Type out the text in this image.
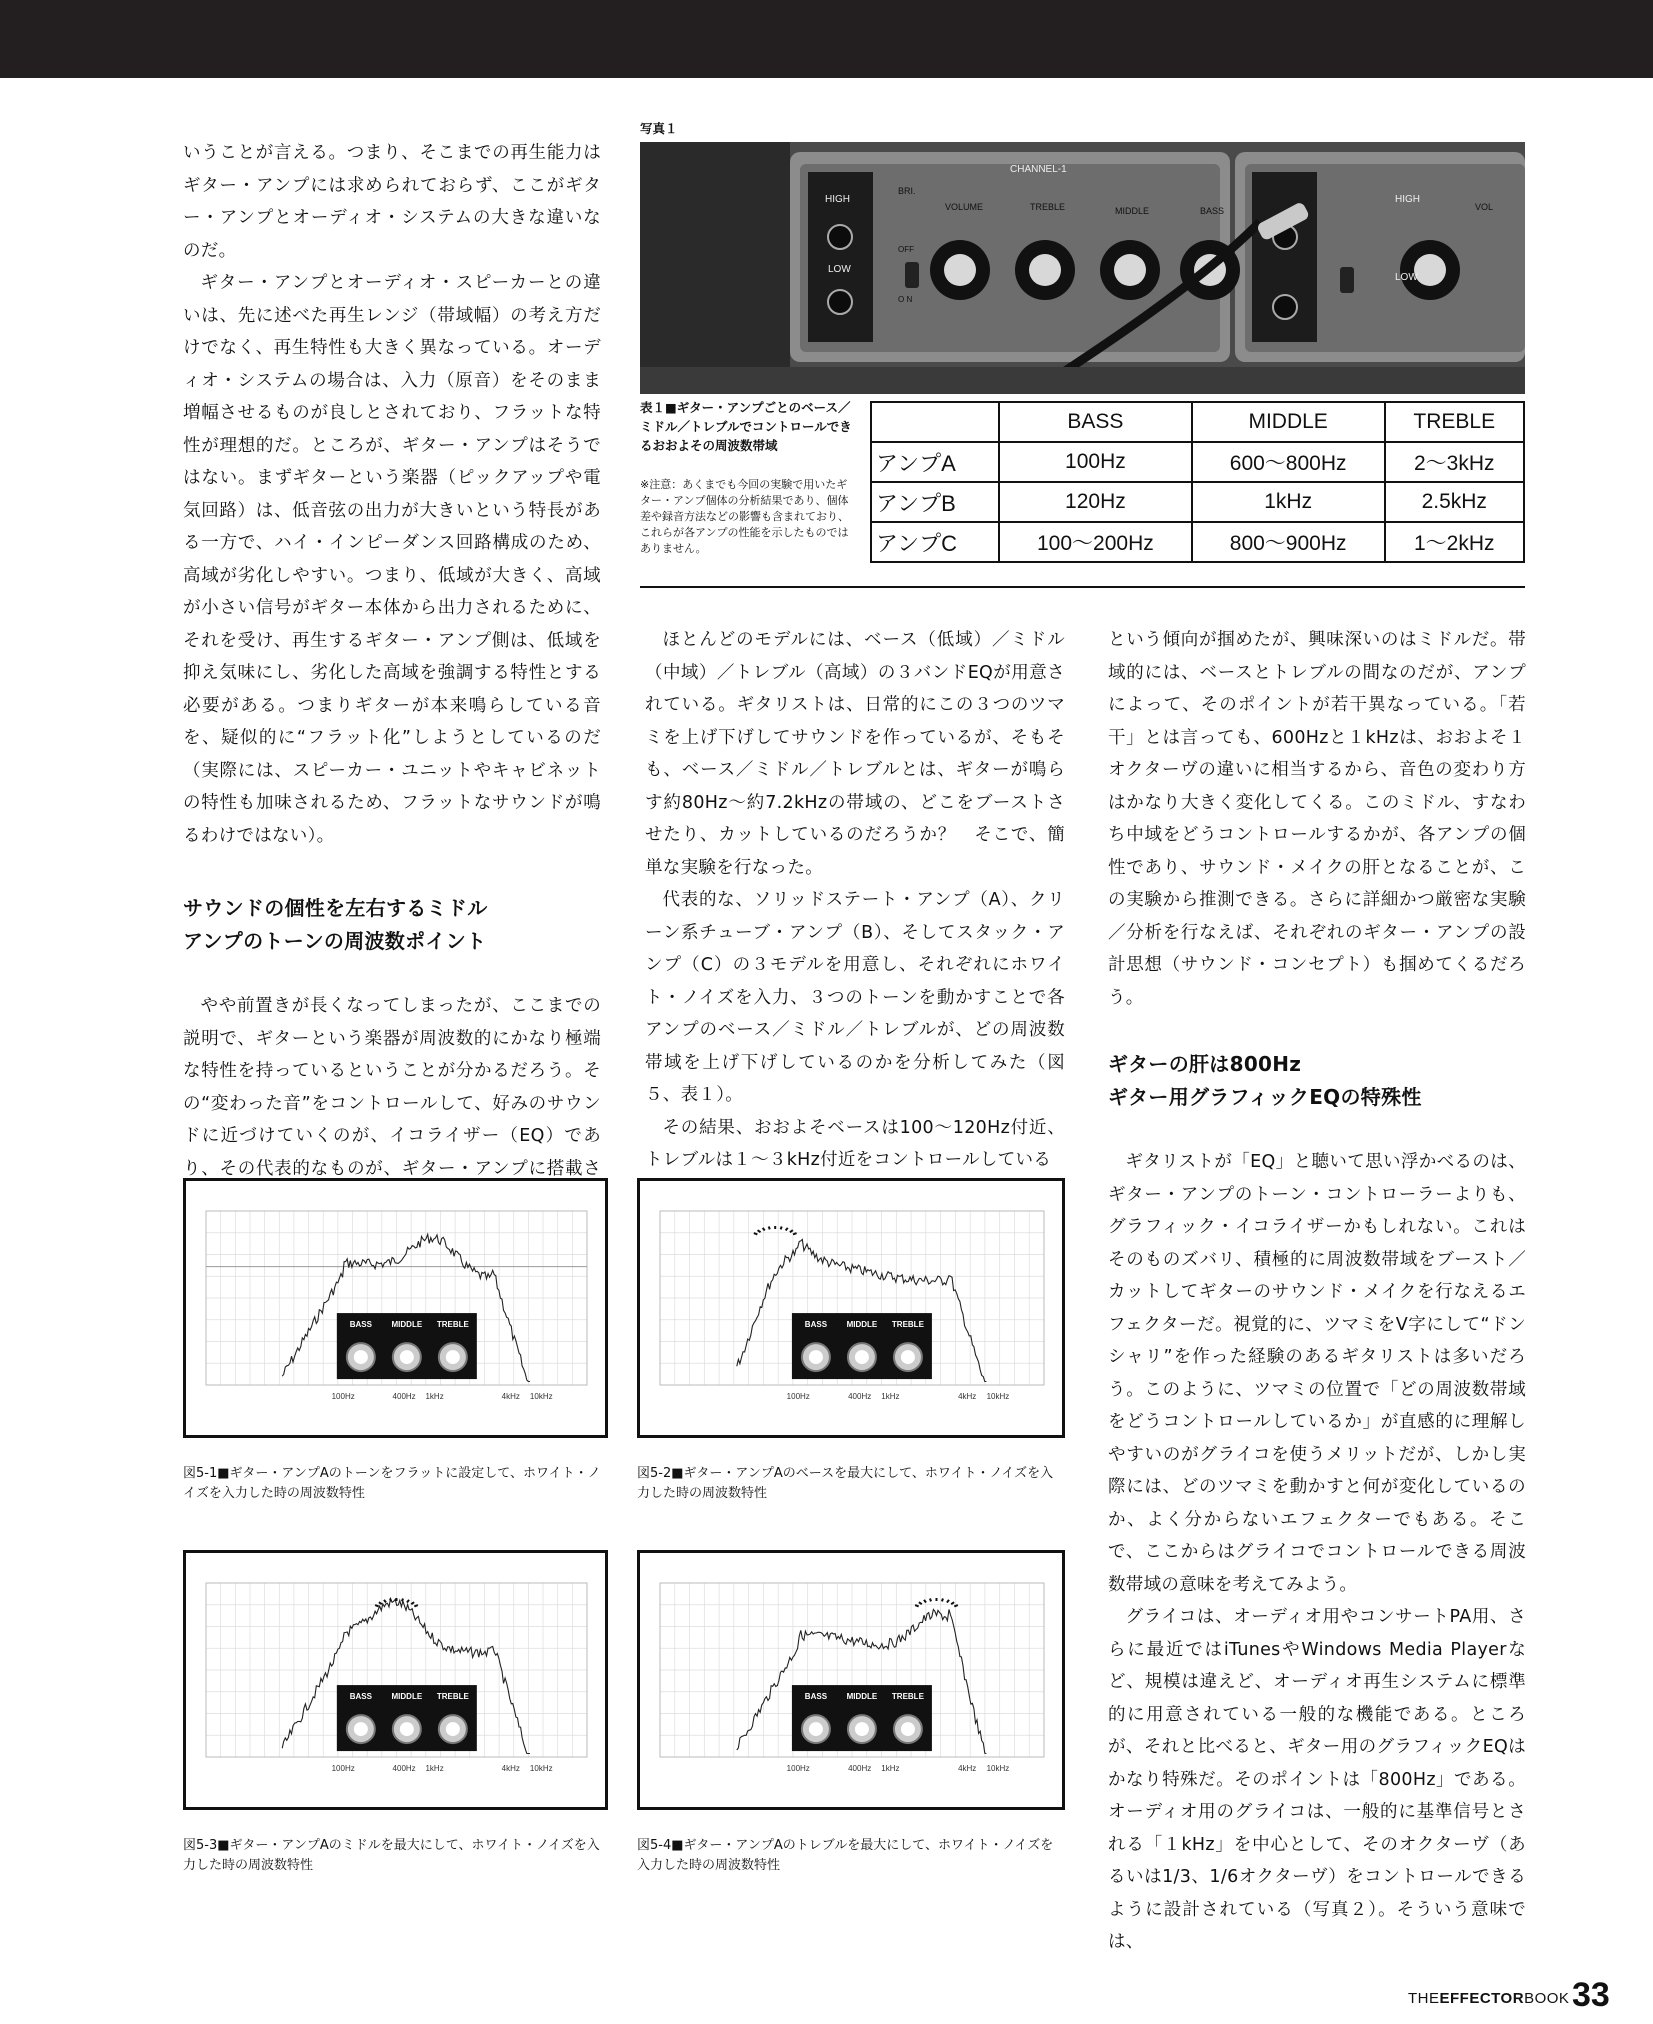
写真１
CHANNEL-1
HIGH
LOW
BRI.
OFF
O N
VOLUME	TREBLE	MIDDLE	BASS
HIGH
LOW
VOL
表１■ギター・アンプごとのベース／ミドル／トレブルでコントロールできるおおよその周波数帯域
※注意：あくまでも今回の実験で用いたギター・アンプ個体の分析結果であり、個体差や録音方法などの影響も含まれており、これらが各アンプの性能を示したものではありません。
	BASS	MIDDLE	TREBLE
アンプA	100Hz	600〜800Hz	2〜3kHz
アンプB	120Hz	1kHz	2.5kHz
アンプC	100〜200Hz	800〜900Hz	1〜2kHz

いうことが言える。つまり、そこまでの再生能力はギター・アンプには求められておらず、ここがギター・アンプとオーディオ・システムの大きな違いなのだ。

ギター・アンプとオーディオ・スピーカーとの違いは、先に述べた再生レンジ（帯域幅）の考え方だけでなく、再生特性も大きく異なっている。オーディオ・システムの場合は、入力（原音）をそのまま増幅させるものが良しとされており、フラットな特性が理想的だ。ところが、ギター・アンプはそうではない。まずギターという楽器（ピックアップや電気回路）は、低音弦の出力が大きいという特長がある一方で、ハイ・インピーダンス回路構成のため、高域が劣化しやすい。つまり、低域が大きく、高域が小さい信号がギター本体から出力されるために、それを受け、再生するギター・アンプ側は、低域を抑え気味にし、劣化した高域を強調する特性とする必要がある。つまりギターが本来鳴らしている音を、疑似的に“フラット化”しようとしているのだ（実際には、スピーカー・ユニットやキャビネットの特性も加味されるため、フラットなサウンドが鳴るわけではない）。

サウンドの個性を左右するミドル

アンプのトーンの周波数ポイント

やや前置きが長くなってしまったが、ここまでの説明で、ギターという楽器が周波数的にかなり極端な特性を持っているということが分かるだろう。その“変わった音”をコントロールして、好みのサウンドに近づけていくのが、イコライザー（EQ）であり、その代表的なものが、ギター・アンプに搭載さ

ほとんどのモデルには、ベース（低域）／ミドル（中域）／トレブル（高域）の３バンドEQが用意されている。ギタリストは、日常的にこの３つのツマミを上げ下げしてサウンドを作っているが、そもそも、ベース／ミドル／トレブルとは、ギターが鳴らす約80Hz〜約7.2kHzの帯域の、どこをブーストさせたり、カットしているのだろうか？　そこで、簡単な実験を行なった。

代表的な、ソリッドステート・アンプ（A）、クリーン系チューブ・アンプ（B）、そしてスタック・アンプ（C）の３モデルを用意し、それぞれにホワイト・ノイズを入力、３つのトーンを動かすことで各アンプのベース／ミドル／トレブルが、どの周波数帯域を上げ下げしているのかを分析してみた（図５、表１）。

その結果、おおよそベースは100〜120Hz付近、トレブルは１〜３kHz付近をコントロールしている

という傾向が掴めたが、興味深いのはミドルだ。帯域的には、ベースとトレブルの間なのだが、アンプによって、そのポイントが若干異なっている。「若干」とは言っても、600Hzと１kHzは、おおよそ１オクターヴの違いに相当するから、音色の変わり方はかなり大きく変化してくる。このミドル、すなわち中域をどうコントロールするかが、各アンプの個性であり、サウンド・メイクの肝となることが、この実験から推測できる。さらに詳細かつ厳密な実験／分析を行なえば、それぞれのギター・アンプの設計思想（サウンド・コンセプト）も掴めてくるだろう。

ギターの肝は800Hz

ギター用グラフィックEQの特殊性

ギタリストが「EQ」と聴いて思い浮かべるのは、ギター・アンプのトーン・コントローラーよりも、グラフィック・イコライザーかもしれない。これはそのものズバリ、積極的に周波数帯域をブースト／カットしてギターのサウンド・メイクを行なえるエフェクターだ。視覚的に、ツマミをV字にして“ドンシャリ”を作った経験のあるギタリストは多いだろう。このように、ツマミの位置で「どの周波数帯域をどうコントロールしているか」が直感的に理解しやすいのがグライコを使うメリットだが、しかし実際には、どのツマミを動かすと何が変化しているのか、よく分からないエフェクターでもある。そこで、ここからはグライコでコントロールできる周波数帯域の意味を考えてみよう。

グライコは、オーディオ用やコンサートPA用、さらに最近ではiTunesやWindows Media Playerなど、規模は違えど、オーディオ再生システムに標準的に用意されている一般的な機能である。ところが、それと比べると、ギター用のグラフィックEQはかなり特殊だ。そのポイントは「800Hz」である。オーディオ用のグライコは、一般的に基準信号とされる「１kHz」を中心として、そのオクターヴ（あるいは1/3、1/6オクターヴ）をコントロールできるように設計されている（写真２）。そういう意味では、

BASS MIDDLE TREBLE
100Hz	400Hz 1kHz	4kHz 10kHz
図5-1■ギター・アンプAのトーンをフラットに設定して、ホワイト・ノイズを入力した時の周波数特性
BASS MIDDLE TREBLE
100Hz	400Hz 1kHz	4kHz 10kHz
図5-2■ギター・アンプAのベースを最大にして、ホワイト・ノイズを入力した時の周波数特性
BASS MIDDLE TREBLE
100Hz	400Hz 1kHz	4kHz 10kHz
図5-3■ギター・アンプAのミドルを最大にして、ホワイト・ノイズを入力した時の周波数特性
BASS MIDDLE TREBLE
100Hz	400Hz 1kHz	4kHz 10kHz
図5-4■ギター・アンプAのトレブルを最大にして、ホワイト・ノイズを入力した時の周波数特性
THEEFFECTORBOOK 33
